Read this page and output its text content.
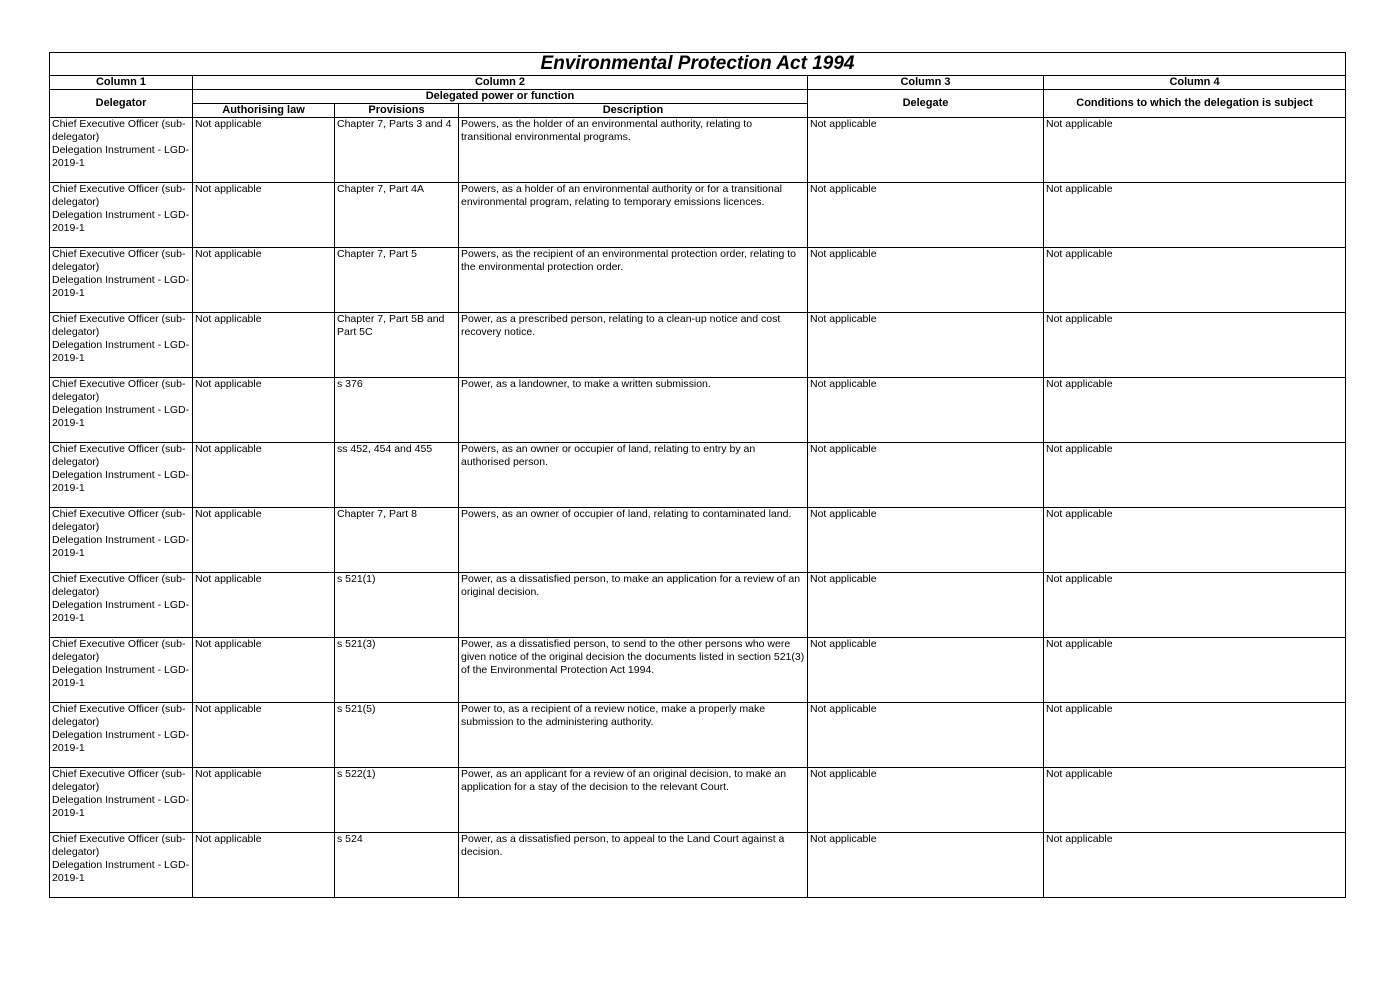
Environmental Protection Act 1994					
Column 1	Column 2			Column 3	Column 4
Delegator	Delegated power or function			Delegate	Conditions to which the delegation is subject
	Authorising law	Provisions	Description		
Chief Executive Officer (sub-delegator)
Delegation Instrument - LGD-2019-1	Not applicable	Chapter 7, Parts 3 and 4	Powers, as the holder of an environmental authority, relating to transitional environmental programs.	Not applicable	Not applicable
Chief Executive Officer (sub-delegator)
Delegation Instrument - LGD-2019-1	Not applicable	Chapter 7, Part 4A	Powers, as a holder of an environmental authority or for a transitional environmental program, relating to temporary emissions licences.	Not applicable	Not applicable
Chief Executive Officer (sub-delegator)
Delegation Instrument - LGD-2019-1	Not applicable	Chapter 7, Part 5	Powers, as the recipient of an environmental protection order, relating to the environmental protection order.	Not applicable	Not applicable
Chief Executive Officer (sub-delegator)
Delegation Instrument - LGD-2019-1	Not applicable	Chapter 7, Part 5B and Part 5C	Power, as a prescribed person, relating to a clean-up notice and cost recovery notice.	Not applicable	Not applicable
Chief Executive Officer (sub-delegator)
Delegation Instrument - LGD-2019-1	Not applicable	s 376	Power, as a landowner, to make a written submission.	Not applicable	Not applicable
Chief Executive Officer (sub-delegator)
Delegation Instrument - LGD-2019-1	Not applicable	ss 452, 454 and 455	Powers, as an owner or occupier of land, relating to entry by an authorised person.	Not applicable	Not applicable
Chief Executive Officer (sub-delegator)
Delegation Instrument - LGD-2019-1	Not applicable	Chapter 7, Part 8	Powers, as an owner of occupier of land, relating to contaminated land.	Not applicable	Not applicable
Chief Executive Officer (sub-delegator)
Delegation Instrument - LGD-2019-1	Not applicable	s 521(1)	Power, as a dissatisfied person, to make an application for a review of an original decision.	Not applicable	Not applicable
Chief Executive Officer (sub-delegator)
Delegation Instrument - LGD-2019-1	Not applicable	s 521(3)	Power, as a dissatisfied person, to send to the other persons who were given notice of the original decision the documents listed in section 521(3) of the Environmental Protection Act 1994.	Not applicable	Not applicable
Chief Executive Officer (sub-delegator)
Delegation Instrument - LGD-2019-1	Not applicable	s 521(5)	Power to, as a recipient of a review notice, make a properly make submission to the administering authority.	Not applicable	Not applicable
Chief Executive Officer (sub-delegator)
Delegation Instrument - LGD-2019-1	Not applicable	s 522(1)	Power, as an applicant for a review of an original decision, to make an application for a stay of the decision to the relevant Court.	Not applicable	Not applicable
Chief Executive Officer (sub-delegator)
Delegation Instrument - LGD-2019-1	Not applicable	s 524	Power, as a dissatisfied person, to appeal to the Land Court against a decision.	Not applicable	Not applicable
